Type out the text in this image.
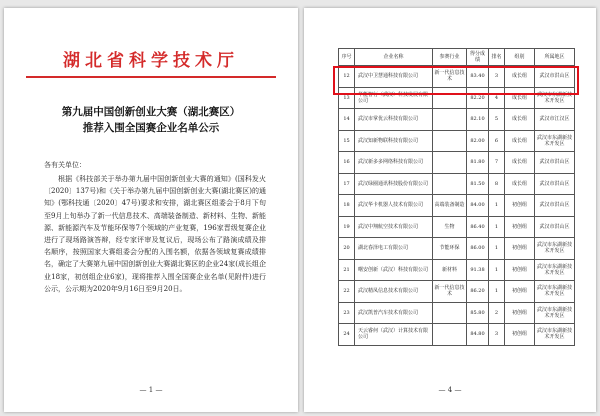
湖北省科学技术厅
第九届中国创新创业大赛（湖北赛区）
推荐入围全国赛企业名单公示
各有关单位：

根据《科技部关于举办第九届中国创新创业大赛的通知》(国科发火〔2020〕137号)和《关于举办第九届中国创新创业大赛(湖北赛区)的通知》(鄂科技通〔2020〕47号)要求和安排，湖北赛区组委会于8月下旬至9月上旬举办了新一代信息技术、高端装备制造、新材料、生物、新能源、新能源汽车及节能环保等7个领域的产业复赛，196家晋级复赛企业进行了现场路演答辩，经专家评审及复议后，现场公布了路演成绩及排名顺序，按照国家大赛组委会分配的入围名额，依据各领域复赛成绩排名，确定了大赛第九届中国创新创业大赛湖北赛区的企业24家(成长组企业18家，初创组企业6家)，现将推荐入围全国赛企业名单(见附件)进行公示，公示期为2020年9月16日至9月20日。

— 1 —
序号	企业名称	参赛行业	得分成绩	排名	组别	所属地区
12	武汉中卫慧通科技有限公司	新一代信息技术	83.40	3	成长组	武汉市洪山区
13	华能智行（武汉）科技发展有限公司		82.20	4	成长组	武汉市东湖新技术开发区
14	武汉市掌优云科技有限公司		82.10	5	成长组	武汉市江汉区
15	武汉知新物联科技有限公司		82.00	6	成长组	武汉市东湖新技术开发区
16	武汉新多多网络科技有限公司		81.80	7	成长组	武汉市洪山区
17	武汉绿圈通讯科技股份有限公司		81.50	8	成长组	武汉市洪山区
18	武汉华卡机器人技术有限公司	高端装备制造	84.00	1	初创组	武汉市洪山区
19	武汉中翔航空技术有限公司	生物	86.40	1	初创组	武汉市洪山区
20	湖北春泽电工有限公司	节能环保	86.00	1	初创组	武汉市东湖新技术开发区
21	曙安创新（武汉）科技有限公司	新材料	91.38	1	初创组	武汉市东湖新技术开发区
22	武汉精凤信息技术有限公司	新一代信息技术	86.20	1	初创组	武汉市东湖新技术开发区
23	武汉凯普汽车技术有限公司		85.80	2	初创组	武汉市东湖新技术开发区
24	天云睿何（武汉）计算技术有限公司		84.80	3	初创组	武汉市东湖新技术开发区
— 4 —
